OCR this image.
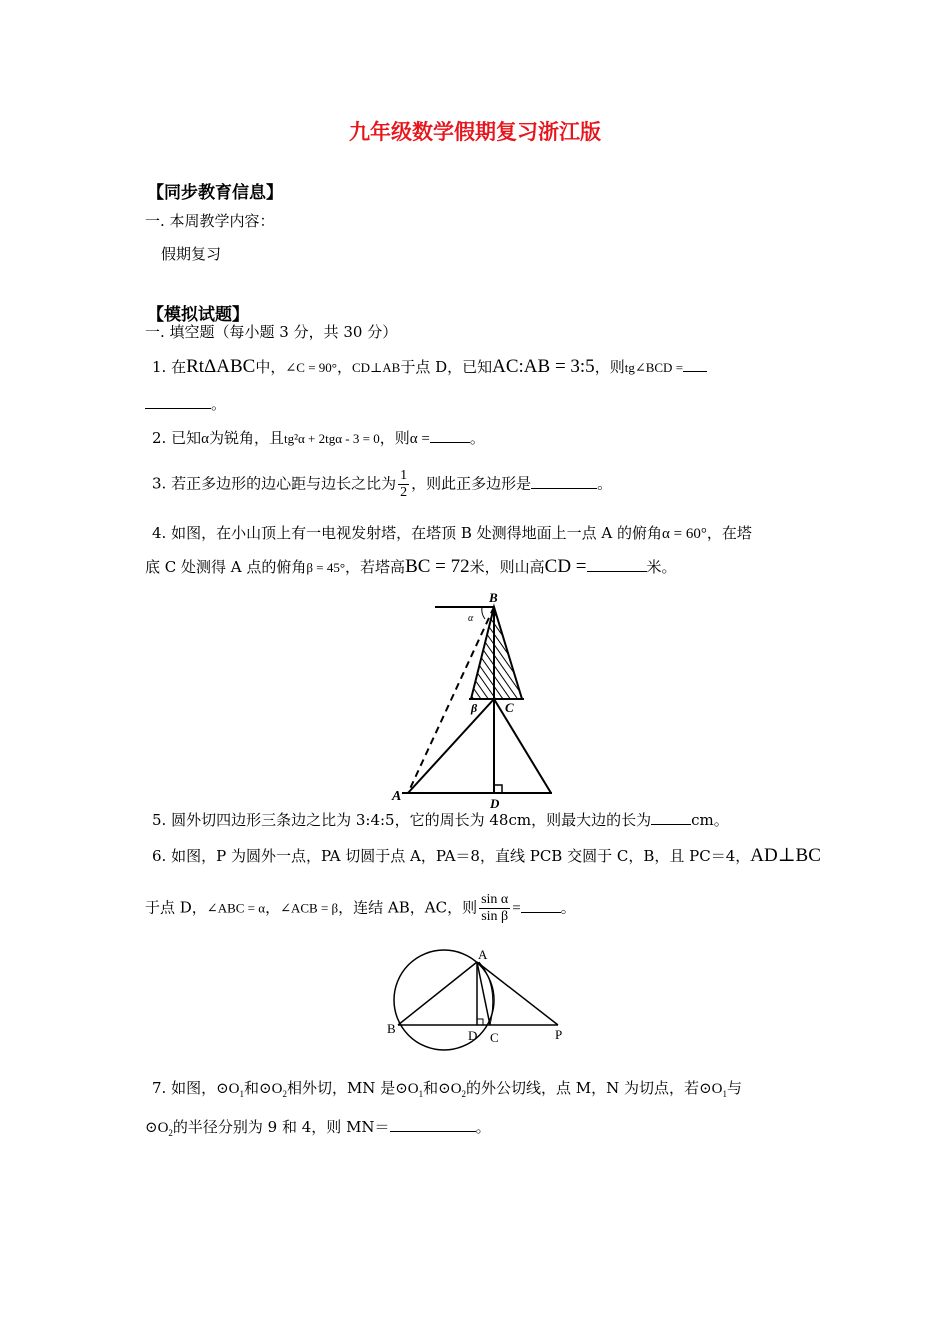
九年级数学假期复习浙江版
【同步教育信息】
一. 本周教学内容：
假期复习
【模拟试题】
一. 填空题（每小题 3 分，共 30 分）
1. 在RtΔABC中，∠C = 90°，CD⊥AB于点 D，已知AC:AB = 3:5，则tg∠BCD =
。
2. 已知α为锐角，且tg²α + 2tgα - 3 = 0，则α =	。
3. 若正多边形的边心距与边长之比为 $\frac{1}{2}$ ，则此正多边形是	。
4. 如图，在小山顶上有一电视发射塔，在塔顶 B 处测得地面上一点 A 的俯角α = 60°，在塔
底 C 处测得 A 点的俯角β = 45°，若塔高BC = 72米，则山高CD =	米。
B
α
β C
A	D
5. 圆外切四边形三条边之比为 3:4:5，它的周长为 48cm，则最大边的长为	cm。
6. 如图，P 为圆外一点，PA 切圆于点 A，PA＝8，直线 PCB 交圆于 C，B，且 PC＝4，AD⊥BC
于点 D，∠ABC = α，∠ACB = β，连结 AB，AC，则 $\frac{\text{sin α}}{\text{sin β}}$ =	。
A
B	D C	P
7. 如图，$⊙O_1$和$⊙O_2$相外切，MN 是$⊙O_1$和$⊙O_2$的外公切线，点 M，N 为切点，若$⊙O_1$与
$⊙O_2$的半径分别为 9 和 4，则 MN＝	。
